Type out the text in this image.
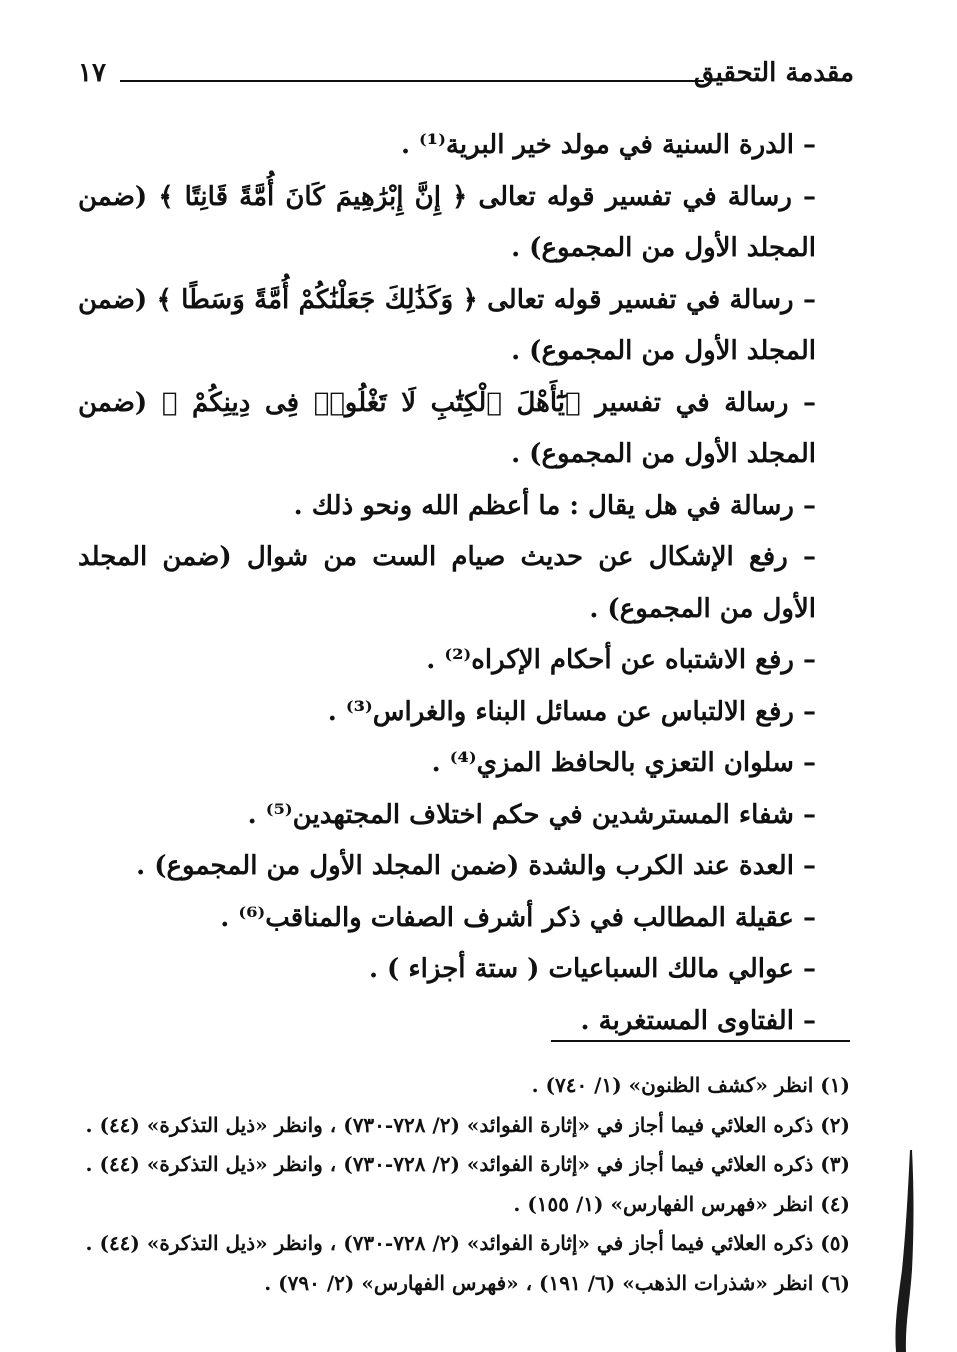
مقدمة التحقيق
١٧

– الدرة السنية في مولد خير البرية⁽¹⁾ .

– رسالة في تفسير قوله تعالى ﴿ إِنَّ إِبْرَٰهِيمَ كَانَ أُمَّةً قَانِتًا ﴾ (ضمن المجلد الأول من المجموع) .

– رسالة في تفسير قوله تعالى ﴿ وَكَذَٰلِكَ جَعَلْنَٰكُمْ أُمَّةً وَسَطًا ﴾ (ضمن المجلد الأول من المجموع) .

– رسالة في تفسير ﴿يَٰٓأَهْلَ ٱلْكِتَٰبِ لَا تَغْلُوا۟ فِى دِينِكُمْ ﴾ (ضمن المجلد الأول من المجموع) .

– رسالة في هل يقال : ما أعظم الله ونحو ذلك .

– رفع الإشكال عن حديث صيام الست من شوال (ضمن المجلد الأول من المجموع) .

– رفع الاشتباه عن أحكام الإكراه⁽²⁾ .

– رفع الالتباس عن مسائل البناء والغراس⁽³⁾ .

– سلوان التعزي بالحافظ المزي⁽⁴⁾ .

– شفاء المسترشدين في حكم اختلاف المجتهدين⁽⁵⁾ .

– العدة عند الكرب والشدة (ضمن المجلد الأول من المجموع) .

– عقيلة المطالب في ذكر أشرف الصفات والمناقب⁽⁶⁾ .

– عوالي مالك السباعيات ( ستة أجزاء ) .

– الفتاوى المستغربة .

(١) انظر «كشف الظنون» (١/ ٧٤٠) .

(٢) ذكره العلائي فيما أجاز في «إثارة الفوائد» (٢/ ٧٢٨-٧٣٠) ، وانظر «ذيل التذكرة» (٤٤) .

(٣) ذكره العلائي فيما أجاز في «إثارة الفوائد» (٢/ ٧٢٨-٧٣٠) ، وانظر «ذيل التذكرة» (٤٤) .

(٤) انظر «فهرس الفهارس» (١/ ١٥٥) .

(٥) ذكره العلائي فيما أجاز في «إثارة الفوائد» (٢/ ٧٢٨-٧٣٠) ، وانظر «ذيل التذكرة» (٤٤) .

(٦) انظر «شذرات الذهب» (٦/ ١٩١) ، «فهرس الفهارس» (٢/ ٧٩٠) .
